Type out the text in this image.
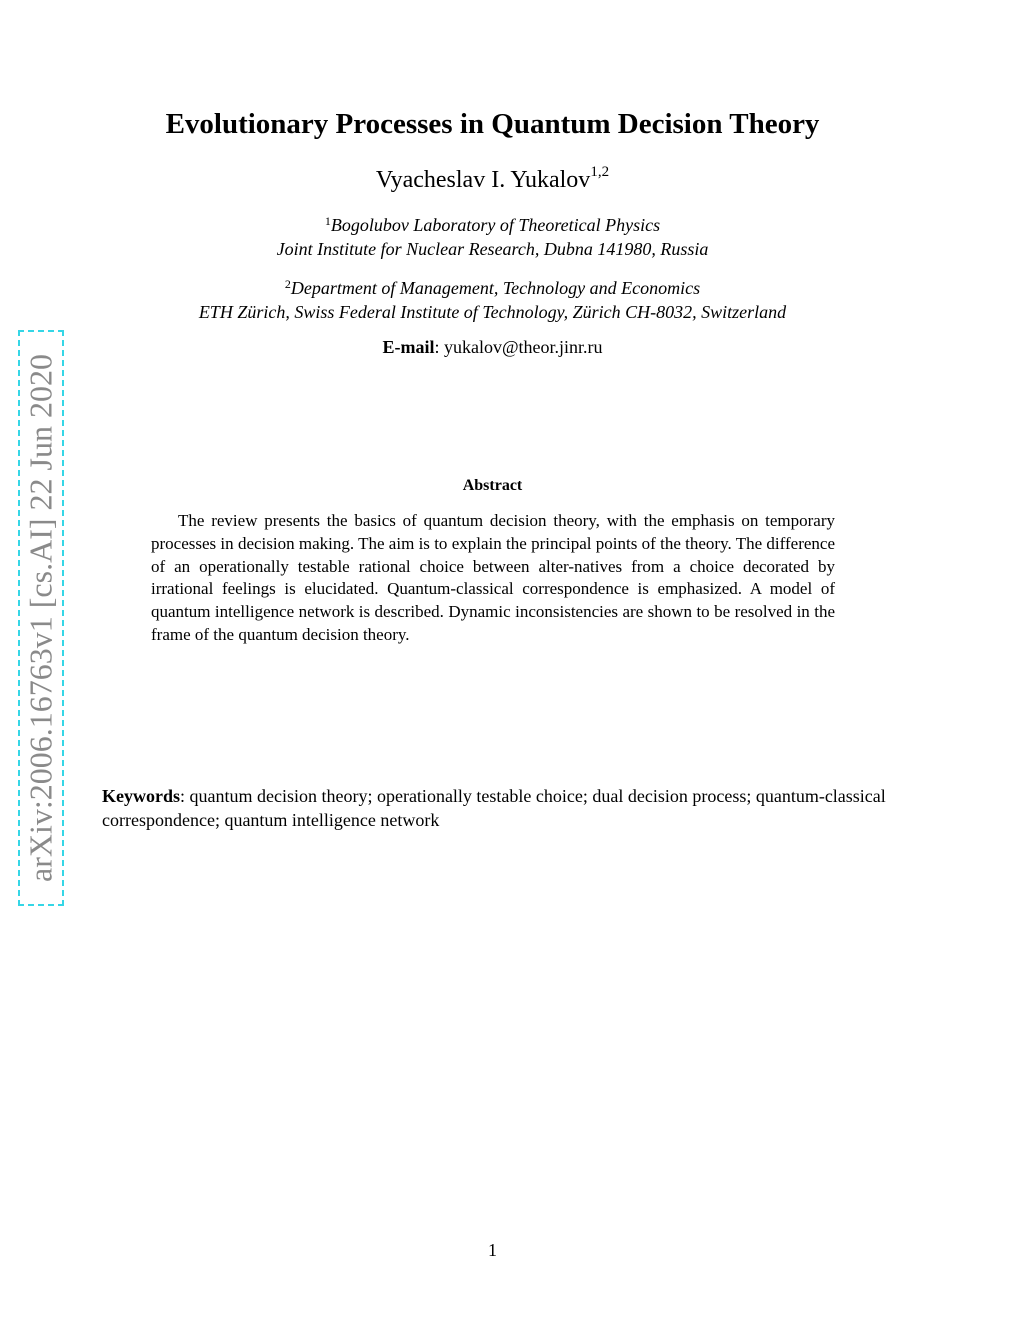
arXiv:2006.16763v1 [cs.AI] 22 Jun 2020
Evolutionary Processes in Quantum Decision Theory
Vyacheslav I. Yukalov$^{1,2}$
$^1$Bogolubov Laboratory of Theoretical Physics
Joint Institute for Nuclear Research, Dubna 141980, Russia
$^2$Department of Management, Technology and Economics
ETH Zürich, Swiss Federal Institute of Technology, Zürich CH-8032, Switzerland
E-mail: yukalov@theor.jinr.ru
Abstract
The review presents the basics of quantum decision theory, with the emphasis on temporary processes in decision making. The aim is to explain the principal points of the theory. The difference of an operationally testable rational choice between alter-natives from a choice decorated by irrational feelings is elucidated. Quantum-classical correspondence is emphasized. A model of quantum intelligence network is described. Dynamic inconsistencies are shown to be resolved in the frame of the quantum decision theory.
Keywords: quantum decision theory; operationally testable choice; dual decision process; quantum-classical correspondence; quantum intelligence network
1
